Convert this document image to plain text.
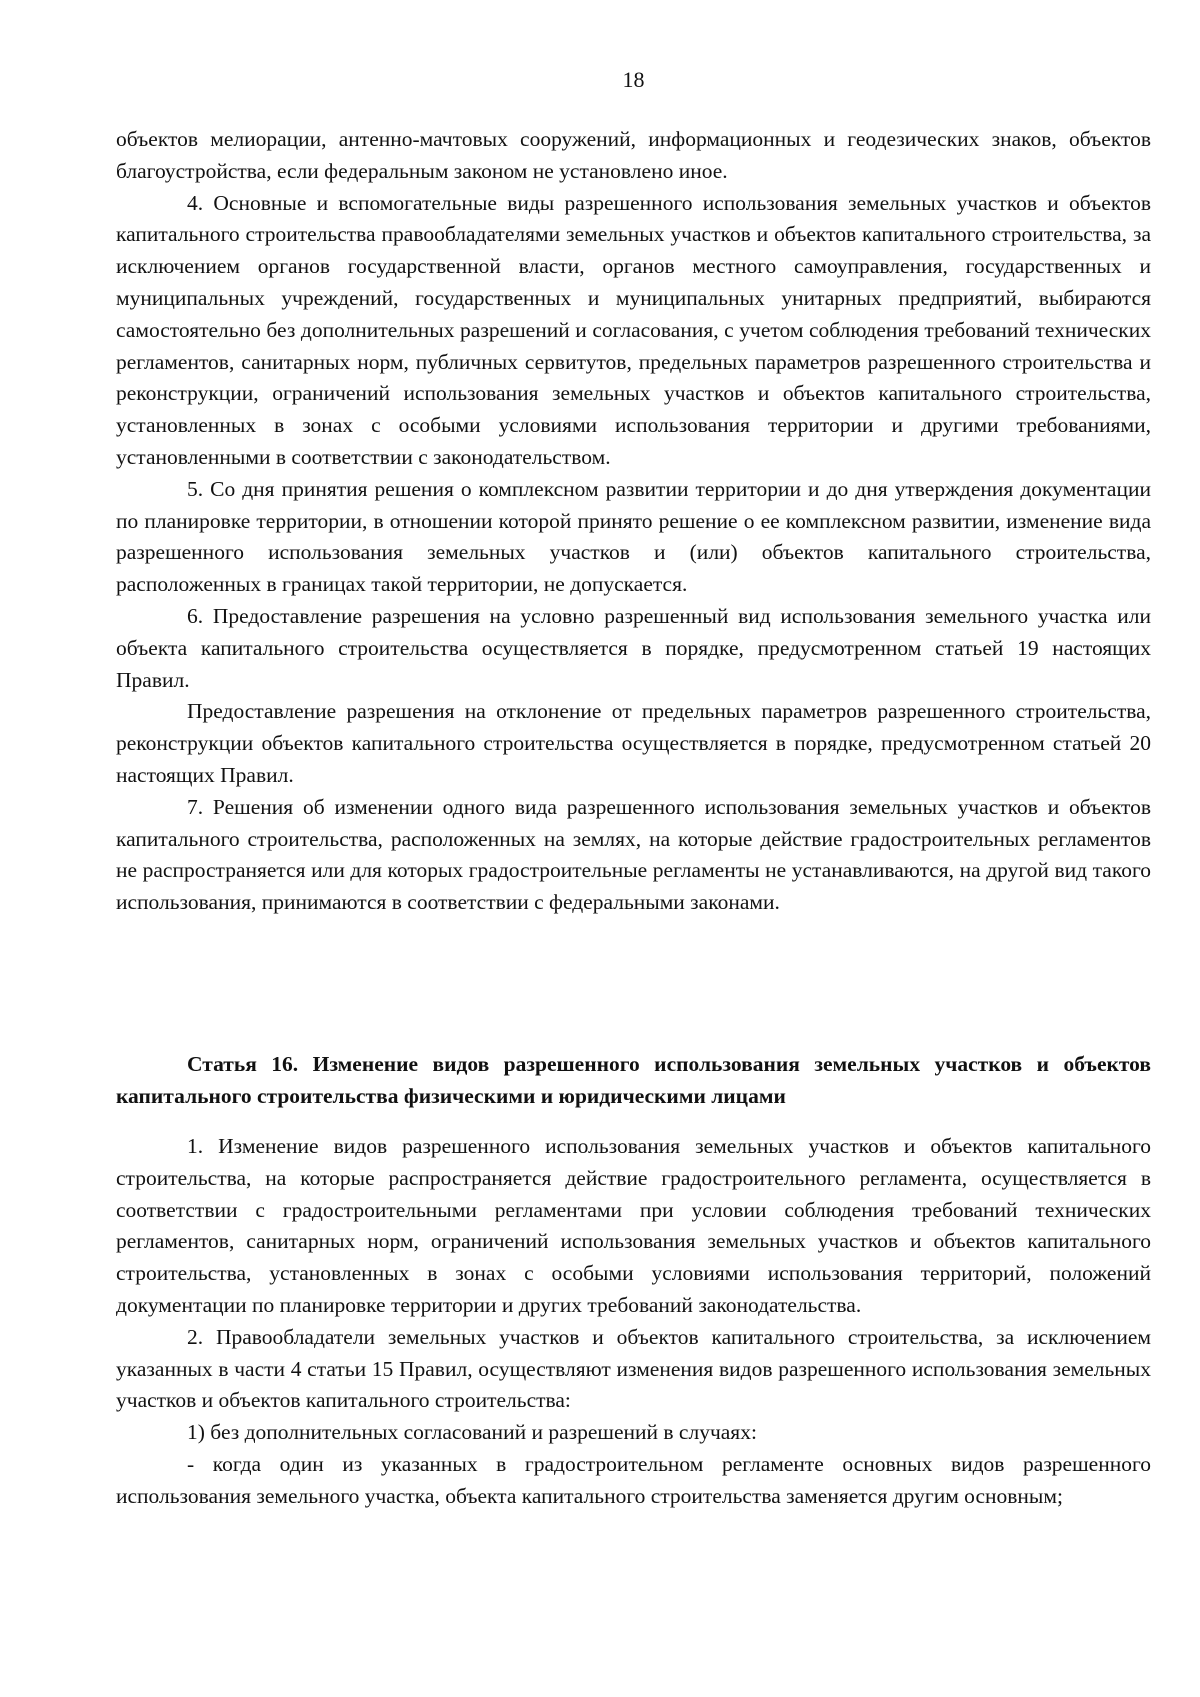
18

объектов мелиорации, антенно-мачтовых сооружений, информационных и геодезических знаков, объектов благоустройства, если федеральным законом не установлено иное.

4. Основные и вспомогательные виды разрешенного использования земельных участков и объектов капитального строительства правообладателями земельных участков и объектов капитального строительства, за исключением органов государственной власти, органов местного самоуправления, государственных и муниципальных учреждений, государственных и муниципальных унитарных предприятий, выбираются самостоятельно без дополнительных разрешений и согласования, с учетом соблюдения требований технических регламентов, санитарных норм, публичных сервитутов, предельных параметров разрешенного строительства и реконструкции, ограничений использования земельных участков и объектов капитального строительства, установленных в зонах с особыми условиями использования территории и другими требованиями, установленными в соответствии с законодательством.

5. Со дня принятия решения о комплексном развитии территории и до дня утверждения документации по планировке территории, в отношении которой принято решение о ее комплексном развитии, изменение вида разрешенного использования земельных участков и (или) объектов капитального строительства, расположенных в границах такой территории, не допускается.

6. Предоставление разрешения на условно разрешенный вид использования земельного участка или объекта капитального строительства осуществляется в порядке, предусмотренном статьей 19 настоящих Правил.

Предоставление разрешения на отклонение от предельных параметров разрешенного строительства, реконструкции объектов капитального строительства осуществляется в порядке, предусмотренном статьей 20 настоящих Правил.

7. Решения об изменении одного вида разрешенного использования земельных участков и объектов капитального строительства, расположенных на землях, на которые действие градостроительных регламентов не распространяется или для которых градостроительные регламенты не устанавливаются, на другой вид такого использования, принимаются в соответствии с федеральными законами.

Статья 16. Изменение видов разрешенного использования земельных участков и объектов капитального строительства физическими и юридическими лицами

1. Изменение видов разрешенного использования земельных участков и объектов капитального строительства, на которые распространяется действие градостроительного регламента, осуществляется в соответствии с градостроительными регламентами при условии соблюдения требований технических регламентов, санитарных норм, ограничений использования земельных участков и объектов капитального строительства, установленных в зонах с особыми условиями использования территорий, положений документации по планировке территории и других требований законодательства.

2. Правообладатели земельных участков и объектов капитального строительства, за исключением указанных в части 4 статьи 15 Правил, осуществляют изменения видов разрешенного использования земельных участков и объектов капитального строительства:

1) без дополнительных согласований и разрешений в случаях:

- когда один из указанных в градостроительном регламенте основных видов разрешенного использования земельного участка, объекта капитального строительства заменяется другим основным;
